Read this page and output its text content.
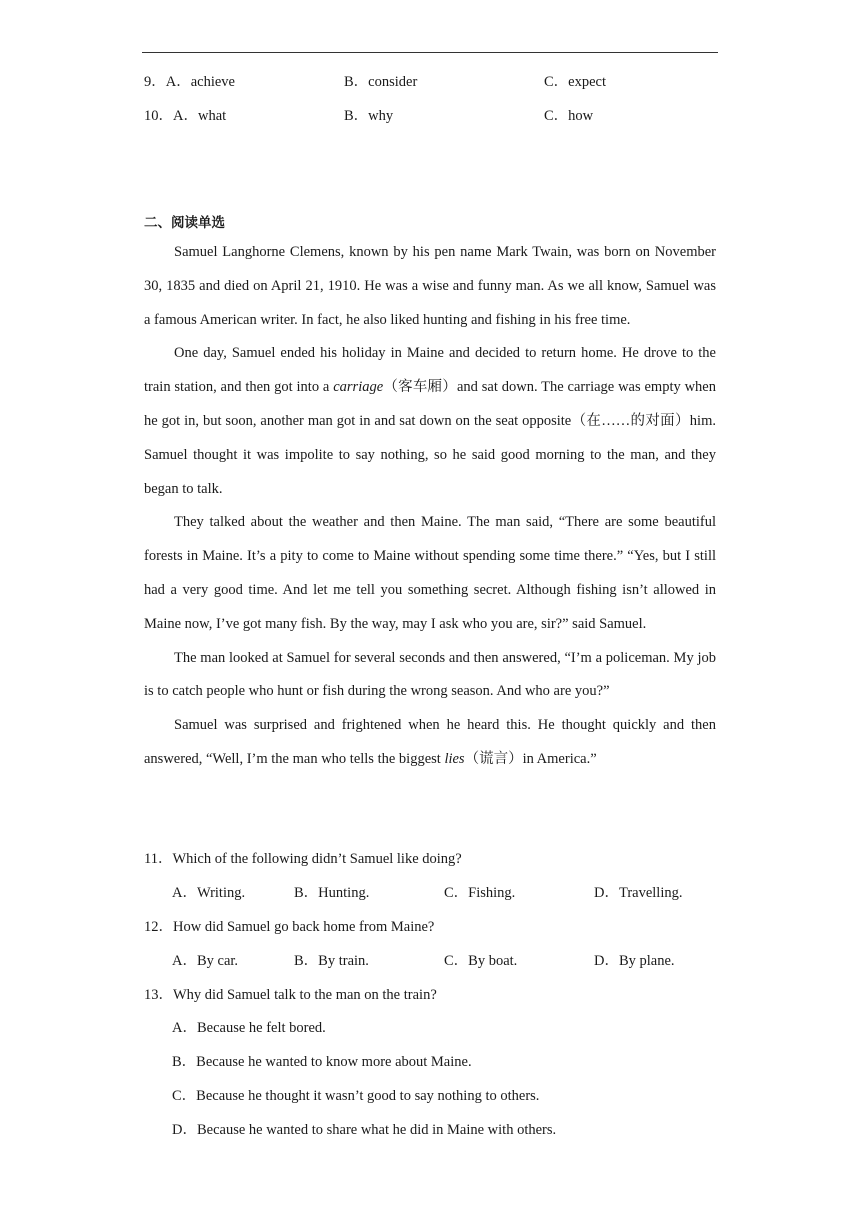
9．A．achieve	B．consider	C．expect
10．A．what	B．why	C．how
二、阅读单选

Samuel Langhorne Clemens, known by his pen name Mark Twain, was born on November 30, 1835 and died on April 21, 1910. He was a wise and funny man. As we all know, Samuel was a famous American writer. In fact, he also liked hunting and fishing in his free time.

One day, Samuel ended his holiday in Maine and decided to return home. He drove to the train station, and then got into a carriage（客车厢）and sat down. The carriage was empty when he got in, but soon, another man got in and sat down on the seat opposite（在……的对面）him. Samuel thought it was impolite to say nothing, so he said good morning to the man, and they began to talk.

They talked about the weather and then Maine. The man said, “There are some beautiful forests in Maine. It’s a pity to come to Maine without spending some time there.” “Yes, but I still had a very good time. And let me tell you something secret. Although fishing isn’t allowed in Maine now, I’ve got many fish. By the way, may I ask who you are, sir?” said Samuel.

The man looked at Samuel for several seconds and then answered, “I’m a policeman. My job is to catch people who hunt or fish during the wrong season. And who are you?”

Samuel was surprised and frightened when he heard this. He thought quickly and then answered, “Well, I’m the man who tells the biggest lies（谎言）in America.”

11．Which of the following didn’t Samuel like doing?
A．Writing.	B．Hunting.	C．Fishing.	D．Travelling.
12．How did Samuel go back home from Maine?
A．By car.	B．By train.	C．By boat.	D．By plane.
13．Why did Samuel talk to the man on the train?
A．Because he felt bored.
B．Because he wanted to know more about Maine.
C．Because he thought it wasn’t good to say nothing to others.
D．Because he wanted to share what he did in Maine with others.
